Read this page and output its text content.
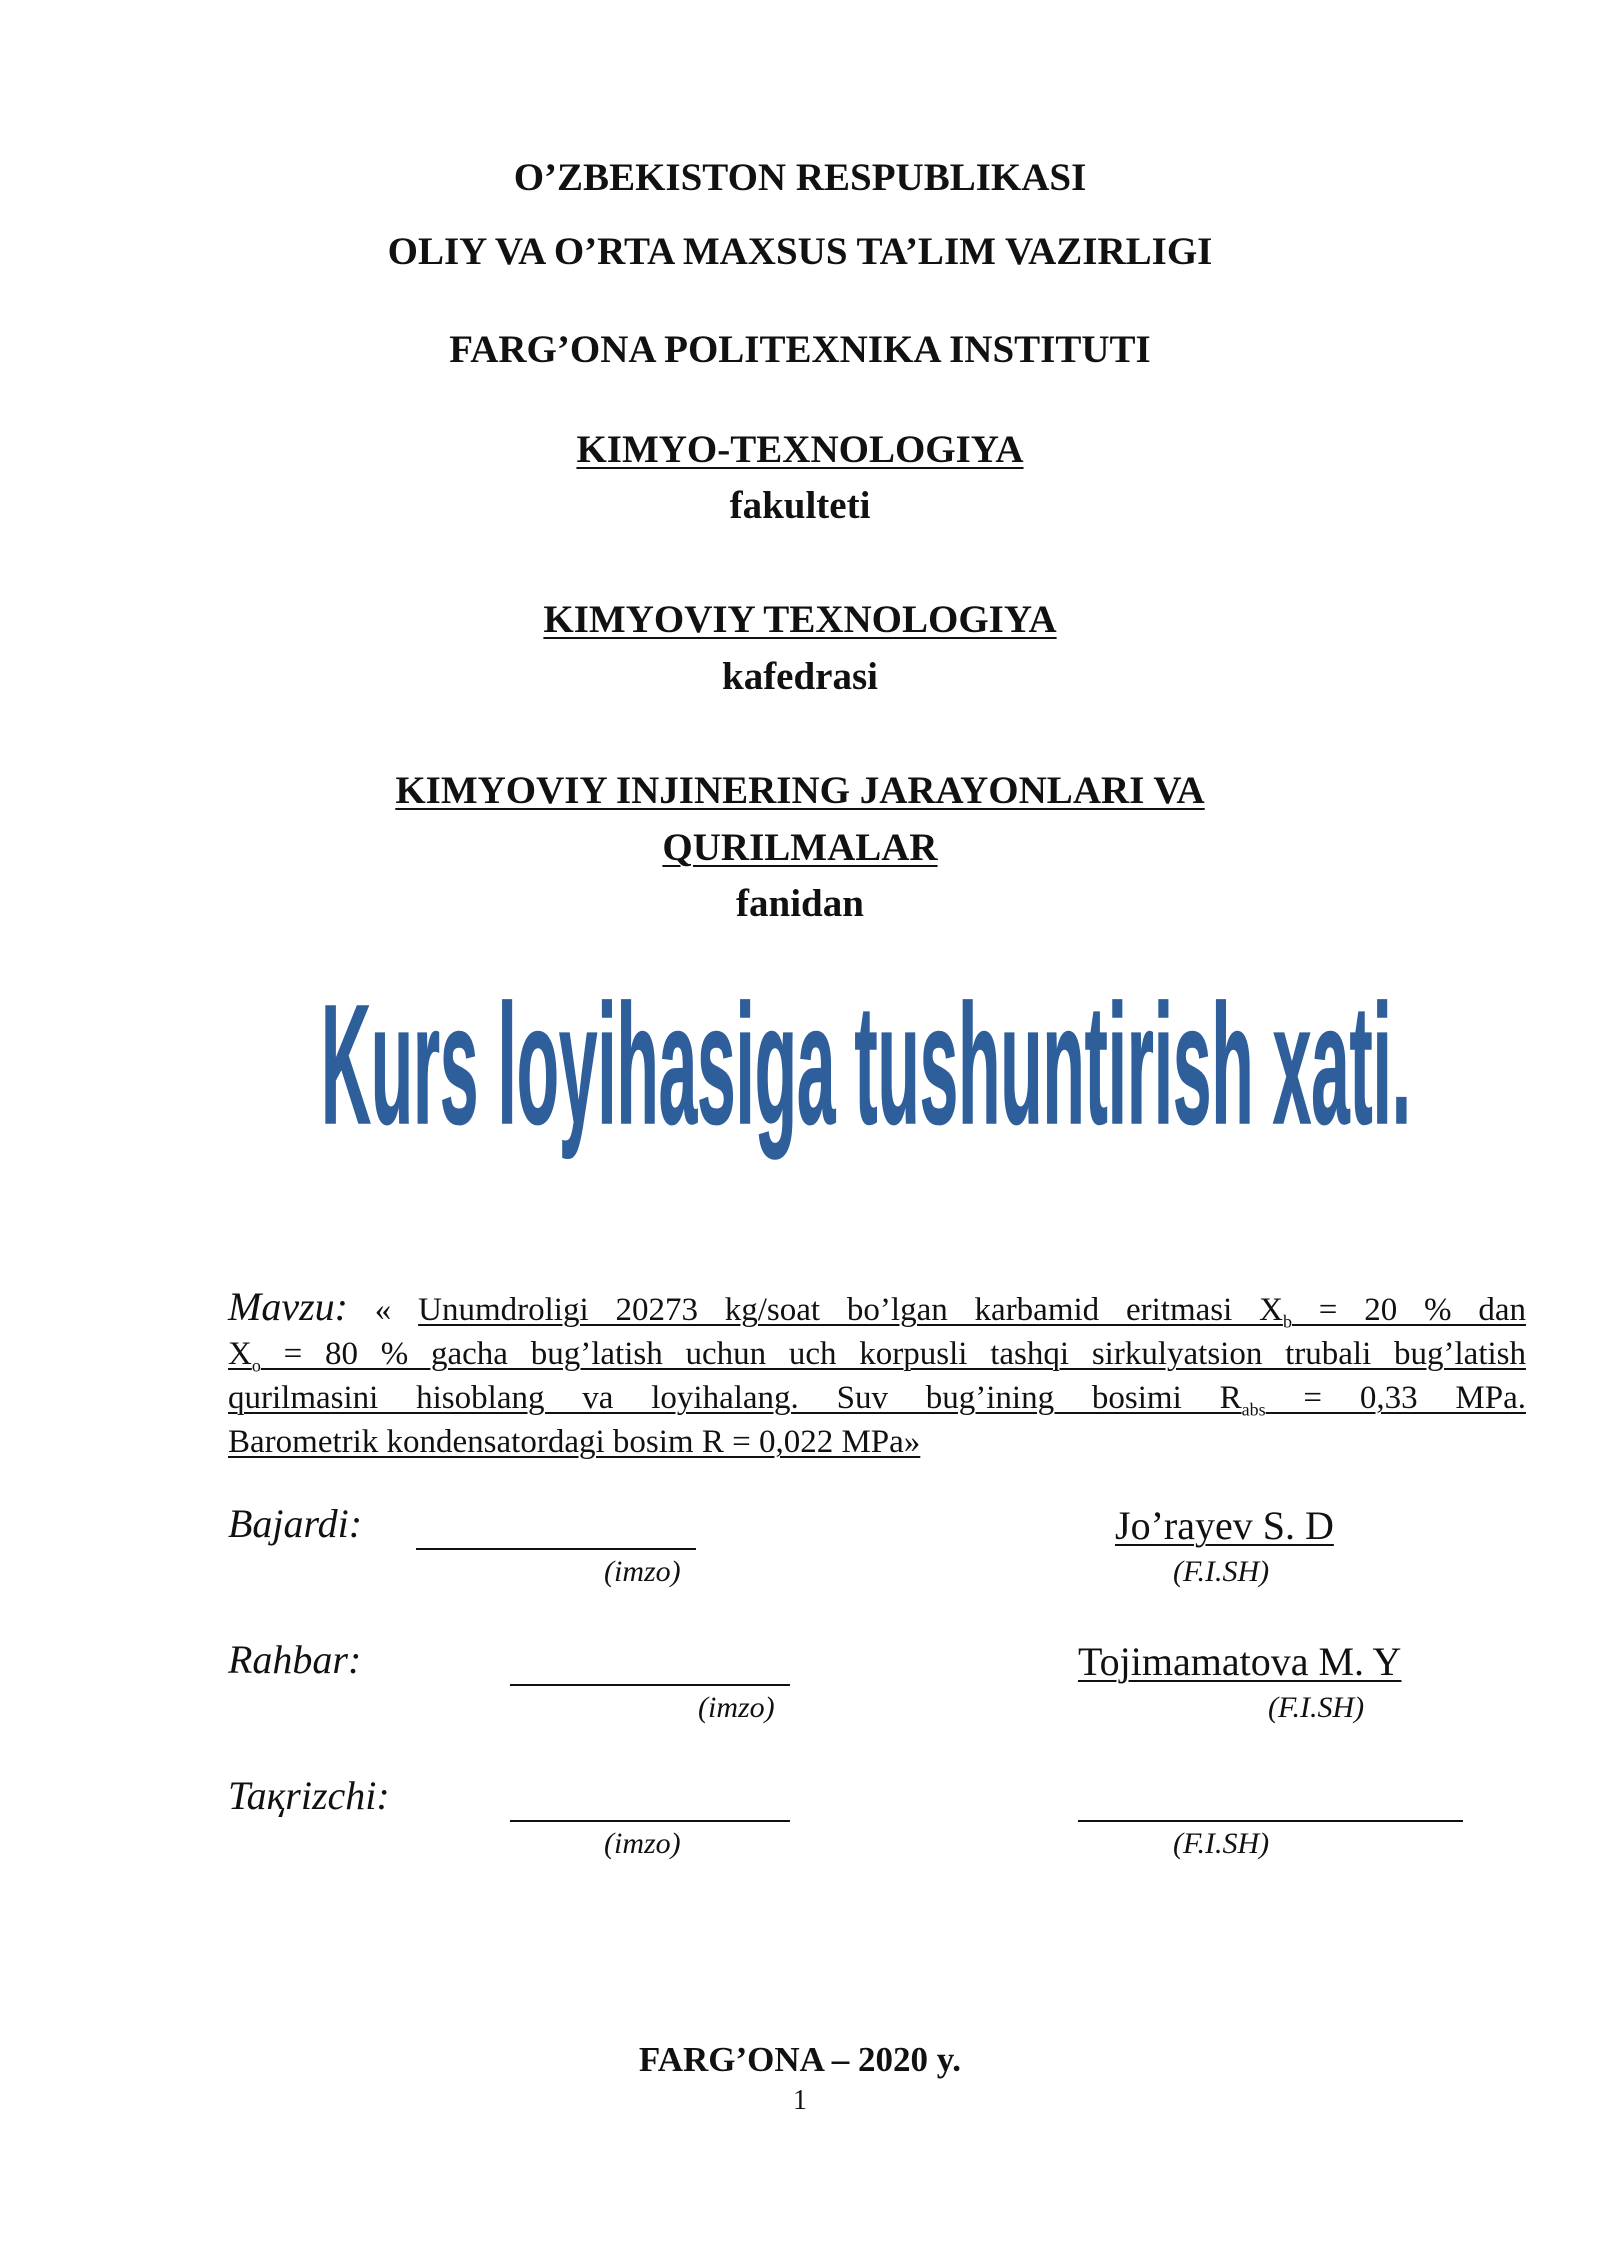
O’ZBEKISTON RESPUBLIKASI
OLIY VA O’RTA MAXSUS TA’LIM VAZIRLIGI
FARG’ONA POLITEXNIKA INSTITUTI
KIMYO-TEXNOLOGIYA
fakulteti
KIMYOVIY TEXNOLOGIYA
kafedrasi
KIMYOVIY INJINERING JARAYONLARI VA
QURILMALAR
fanidan
Kurs loyihasiga tushuntirish xati.
Mavzu: « Unumdroligi 20273 kg/soat bo’lgan karbamid eritmasi $X_b = 20$ % dan
$X_o = 80$ % gacha bug’latish uchun uch korpusli tashqi sirkulyatsion trubali bug’latish
qurilmasini hisoblang va loyihalang. Suv bug’ining bosimi $R_{abs} = 0,33$ MPa.
Barometrik kondensatordagi bosim R = 0,022 MPa»
Bajardi:
(imzo)
Jo’rayev S. D
(F.I.SH)
Rahbar:
(imzo)
Tojimamatova M. Y
(F.I.SH)
Taқrizchi:
(imzo)	(F.I.SH)
FARG’ONA – 2020 y.
1
